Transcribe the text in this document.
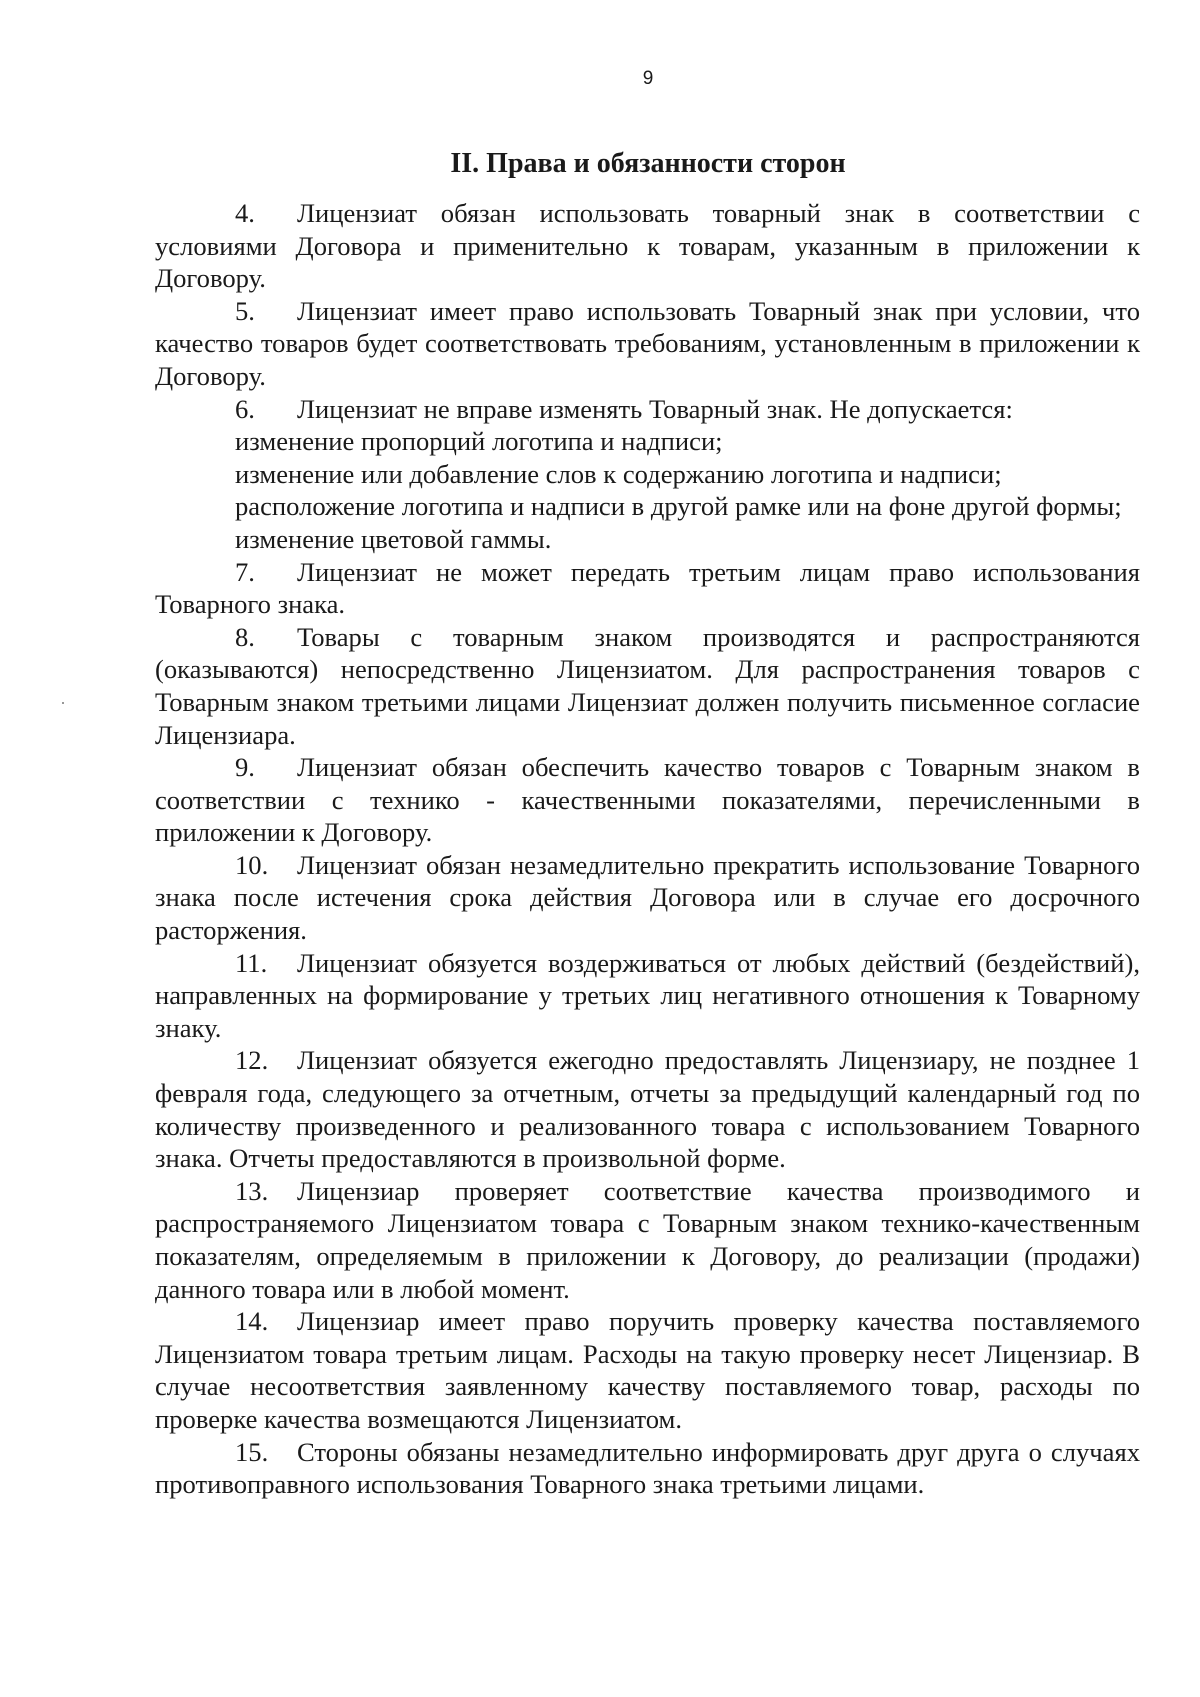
9
II. Права и обязанности сторон

4. Лицензиат обязан использовать товарный знак в соответствии с условиями Договора и применительно к товарам, указанным в приложении к Договору.

5. Лицензиат имеет право использовать Товарный знак при условии, что качество товаров будет соответствовать требованиям, установленным в приложении к Договору.

6. Лицензиат не вправе изменять Товарный знак. Не допускается:

изменение пропорций логотипа и надписи;

изменение или добавление слов к содержанию логотипа и надписи;

расположение логотипа и надписи в другой рамке или на фоне другой формы;

изменение цветовой гаммы.

7. Лицензиат не может передать третьим лицам право использования Товарного знака.

8. Товары с товарным знаком производятся и распространяются (оказываются) непосредственно Лицензиатом. Для распространения товаров с Товарным знаком третьими лицами Лицензиат должен получить письменное согласие Лицензиара.

9. Лицензиат обязан обеспечить качество товаров с Товарным знаком в соответствии с технико - качественными показателями, перечисленными в приложении к Договору.

10. Лицензиат обязан незамедлительно прекратить использование Товарного знака после истечения срока действия Договора или в случае его досрочного расторжения.

11. Лицензиат обязуется воздерживаться от любых действий (бездействий), направленных на формирование у третьих лиц негативного отношения к Товарному знаку.

12. Лицензиат обязуется ежегодно предоставлять Лицензиару, не позднее 1 февраля года, следующего за отчетным, отчеты за предыдущий календарный год по количеству произведенного и реализованного товара с использованием Товарного знака. Отчеты предоставляются в произвольной форме.

13. Лицензиар проверяет соответствие качества производимого и распространяемого Лицензиатом товара с Товарным знаком технико-качественным показателям, определяемым в приложении к Договору, до реализации (продажи) данного товара или в любой момент.

14. Лицензиар имеет право поручить проверку качества поставляемого Лицензиатом товара третьим лицам. Расходы на такую проверку несет Лицензиар. В случае несоответствия заявленному качеству поставляемого товар, расходы по проверке качества возмещаются Лицензиатом.

15. Стороны обязаны незамедлительно информировать друг друга о случаях противоправного использования Товарного знака третьими лицами.
